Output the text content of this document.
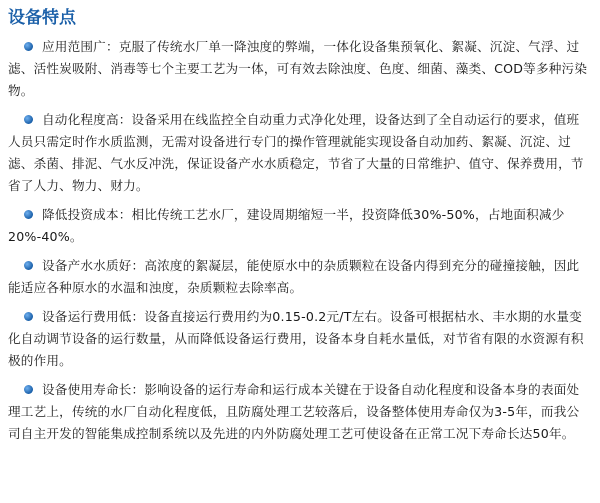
设备特点
应用范围广：克服了传统水厂单一降浊度的弊端，一体化设备集预氧化、絮凝、沉淀、气浮、过滤、活性炭吸附、消毒等七个主要工艺为一体，可有效去除浊度、色度、细菌、藻类、COD等多种污染物。
自动化程度高：设备采用在线监控全自动重力式净化处理，设备达到了全自动运行的要求，值班人员只需定时作水质监测，无需对设备进行专门的操作管理就能实现设备自动加药、絮凝、沉淀、过滤、杀菌、排泥、气水反冲洗，保证设备产水水质稳定，节省了大量的日常维护、值守、保养费用，节省了人力、物力、财力。
降低投资成本：相比传统工艺水厂，建设周期缩短一半，投资降低30%-50%，占地面积减少20%-40%。
设备产水水质好：高浓度的絮凝层，能使原水中的杂质颗粒在设备内得到充分的碰撞接触，因此能适应各种原水的水温和浊度，杂质颗粒去除率高。
设备运行费用低：设备直接运行费用约为0.15-0.2元/T左右。设备可根据枯水、丰水期的水量变化自动调节设备的运行数量，从而降低设备运行费用，设备本身自耗水量低，对节省有限的水资源有积极的作用。
设备使用寿命长：影响设备的运行寿命和运行成本关键在于设备自动化程度和设备本身的表面处理工艺上，传统的水厂自动化程度低，且防腐处理工艺较落后，设备整体使用寿命仅为3-5年，而我公司自主开发的智能集成控制系统以及先进的内外防腐处理工艺可使设备在正常工况下寿命长达50年。
